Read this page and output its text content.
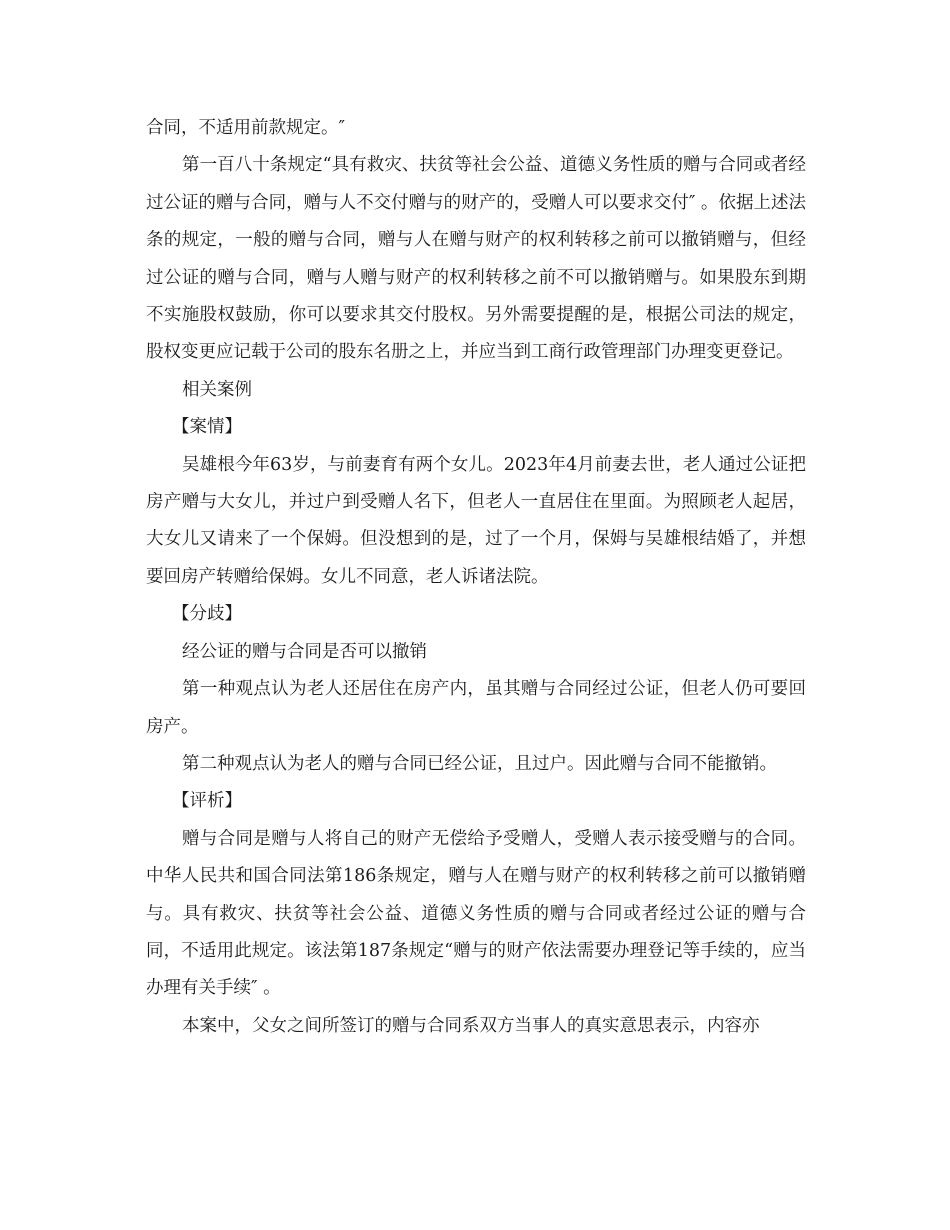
合同，不适用前款规定。″

第一百八十条规定“具有救灾、扶贫等社会公益、道德义务性质的赠与合同或者经过公证的赠与合同，赠与人不交付赠与的财产的，受赠人可以要求交付″ 。依据上述法条的规定，一般的赠与合同，赠与人在赠与财产的权利转移之前可以撤销赠与，但经过公证的赠与合同，赠与人赠与财产的权利转移之前不可以撤销赠与。如果股东到期不实施股权鼓励，你可以要求其交付股权。另外需要提醒的是，根据公司法的规定，股权变更应记载于公司的股东名册之上，并应当到工商行政管理部门办理变更登记。

相关案例

【案情】

吴雄根今年63岁，与前妻育有两个女儿。2023年4月前妻去世，老人通过公证把房产赠与大女儿，并过户到受赠人名下，但老人一直居住在里面。为照顾老人起居，大女儿又请来了一个保姆。但没想到的是，过了一个月，保姆与吴雄根结婚了，并想要回房产转赠给保姆。女儿不同意，老人诉诸法院。

【分歧】

经公证的赠与合同是否可以撤销

第一种观点认为老人还居住在房产内，虽其赠与合同经过公证，但老人仍可要回房产。

第二种观点认为老人的赠与合同已经公证，且过户。因此赠与合同不能撤销。

【评析】

赠与合同是赠与人将自己的财产无偿给予受赠人，受赠人表示接受赠与的合同。中华人民共和国合同法第186条规定，赠与人在赠与财产的权利转移之前可以撤销赠与。具有救灾、扶贫等社会公益、道德义务性质的赠与合同或者经过公证的赠与合同，不适用此规定。该法第187条规定“赠与的财产依法需要办理登记等手续的，应当办理有关手续″ 。

本案中，父女之间所签订的赠与合同系双方当事人的真实意思表示，内容亦
